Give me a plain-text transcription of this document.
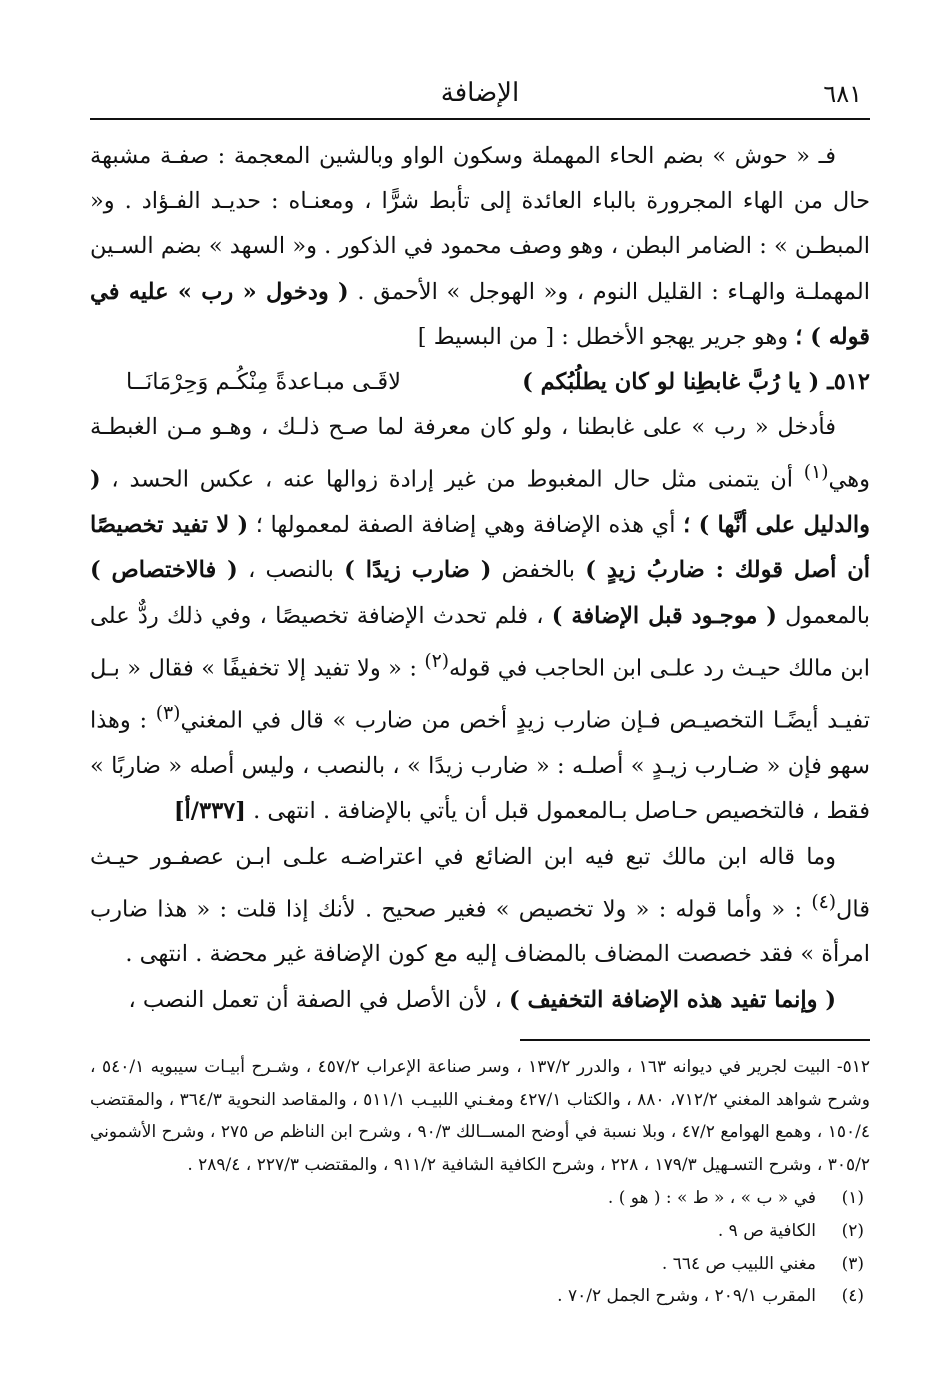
٦٨١
الإضافة

فـ « حوش » بضم الحاء المهملة وسكون الواو وبالشين المعجمة : صفـة مشبهة حال من الهاء المجرورة بالباء العائدة إلى تأبط شرًّا ، ومعنـاه : حديـد الفـؤاد . و« المبطـن » : الضامر البطن ، وهو وصف محمود في الذكور . و« السهد » بضم السـين المهملـة والهـاء : القليل النوم ، و« الهوجل » الأحمق . ( ودخول « رب » عليه في قوله ) ؛ وهو جرير يهجو الأخطل : [ من البسيط ]

٥١٢ـ ( يا رُبَّ غابطِنا لو كان يطلُبُكم )
لاقَـى مبـاعدةً مِنْكُـم وَحِرْمَانَــا

فأدخل « رب » على غابطنا ، ولو كان معرفة لما صـح ذلـك ، وهـو مـن الغبطـة وهي$^{(١)}$ أن يتمنى مثل حال المغبوط من غير إرادة زوالها عنه ، عكس الحسد ، ( والدليل على أنَّها ) ؛ أي هذه الإضافة وهي إضافة الصفة لمعمولها ؛ ( لا تفيد تخصيصًا أن أصل قولك : ضاربُ زيدٍ ) بالخفض ( ضارب زيدًا ) بالنصب ، ( فالاختصاص ) بالمعمول ( موجـود قبل الإضافة ) ، فلم تحدث الإضافة تخصيصًا ، وفي ذلك ردٌّ على ابن مالك حيـث رد علـى ابن الحاجب في قوله$^{(٢)}$ : « ولا تفيد إلا تخفيفًا » فقال « بـل تفيـد أيضًـا التخصيـص فـإن ضارب زيدٍ أخص من ضارب » قال في المغني$^{(٣)}$ : وهذا سهو فإن « ضـارب زيـدٍ » أصلـه : « ضارب زيدًا » ، بالنصب ، وليس أصله « ضاربًا » فقط ، فالتخصيص حـاصل بـالمعمول قبل أن يأتي بالإضافة . انتهى . [٣٣٧/أ]

وما قاله ابن مالك تبع فيه ابن الضائع في اعتراضـه علـى ابـن عصفـور حيـث قال$^{(٤)}$ : « وأما قوله : « ولا تخصيص » فغير صحيح . لأنك إذا قلت : « هذا ضارب امرأة » فقد خصصت المضاف بالمضاف إليه مع كون الإضافة غير محضة . انتهى .

( وإنما تفيد هذه الإضافة التخفيف ) ، لأن الأصل في الصفة أن تعمل النصب ،

٥١٢- البيت لجرير في ديوانه ١٦٣ ، والدرر ١٣٧/٢ ، وسر صناعة الإعراب ٤٥٧/٢ ، وشـرح أبيـات سيبويه ٥٤٠/١ ، وشرح شواهد المغني ٧١٢/٢، ٨٨٠ ، والكتاب ٤٢٧/١ ومغـني اللبيـب ٥١١/١ ، والمقاصد النحوية ٣٦٤/٣ ، والمقتضب ١٥٠/٤ ، وهمع الهوامع ٤٧/٢ ، وبلا نسبة في أوضح المســالك ٩٠/٣ ، وشرح ابن الناظم ص ٢٧٥ ، وشرح الأشموني ٣٠٥/٢ ، وشرح التسـهيل ١٧٩/٣ ، ٢٢٨ ، وشرح الكافية الشافية ٩١١/٢ ، والمقتضب ٢٢٧/٣ ، ٢٨٩/٤ .

(١)
في « ب » ، « ط » : ( هو ) .
(٢)
الكافية ص ٩ .
(٣)
مغني اللبيب ص ٦٦٤ .
(٤)
المقرب ٢٠٩/١ ، وشرح الجمل ٧٠/٢ .
